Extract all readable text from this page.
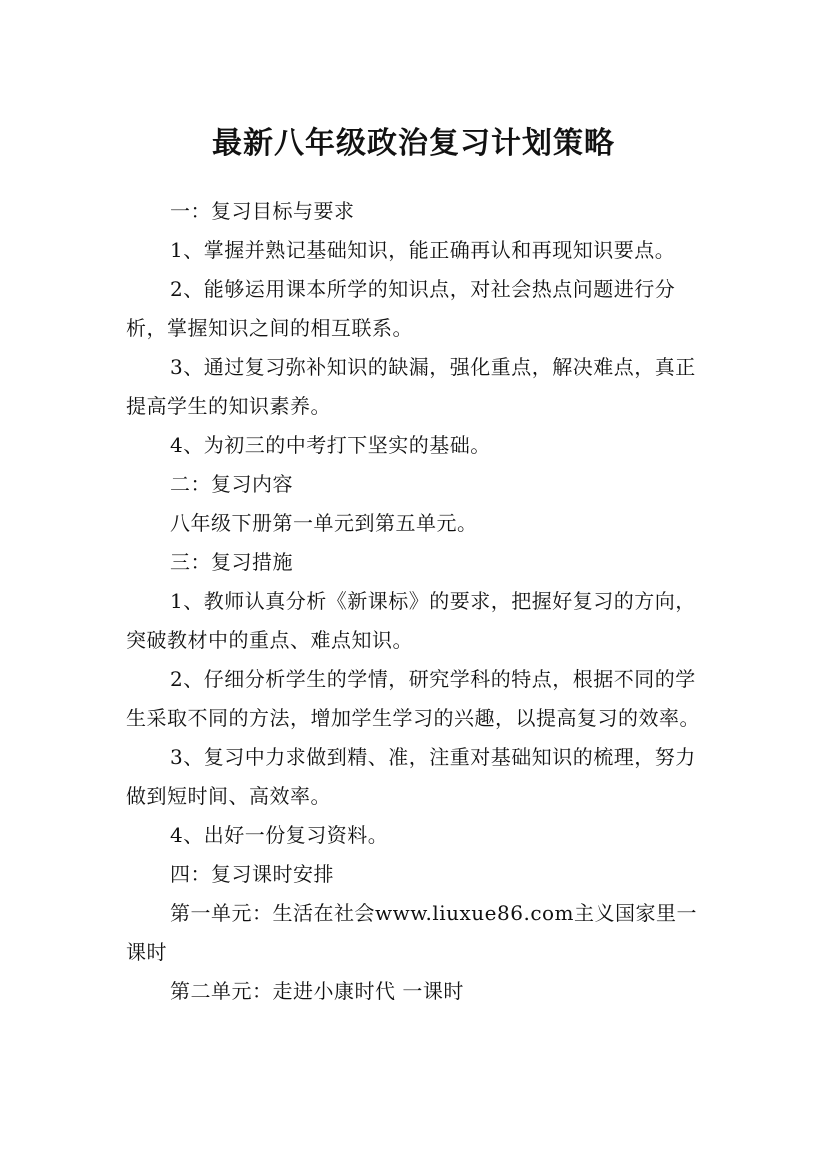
最新八年级政治复习计划策略

一：复习目标与要求

1、掌握并熟记基础知识，能正确再认和再现知识要点。

2、能够运用课本所学的知识点，对社会热点问题进行分析，掌握知识之间的相互联系。

3、通过复习弥补知识的缺漏，强化重点，解决难点，真正提高学生的知识素养。

4、为初三的中考打下坚实的基础。

二：复习内容

八年级下册第一单元到第五单元。

三：复习措施

1、教师认真分析《新课标》的要求，把握好复习的方向，突破教材中的重点、难点知识。

2、仔细分析学生的学情，研究学科的特点，根据不同的学生采取不同的方法，增加学生学习的兴趣，以提高复习的效率。

3、复习中力求做到精、准，注重对基础知识的梳理，努力做到短时间、高效率。

4、出好一份复习资料。

四：复习课时安排

第一单元：生活在社会www.liuxue86.com主义国家里一课时

第二单元：走进小康时代 一课时
